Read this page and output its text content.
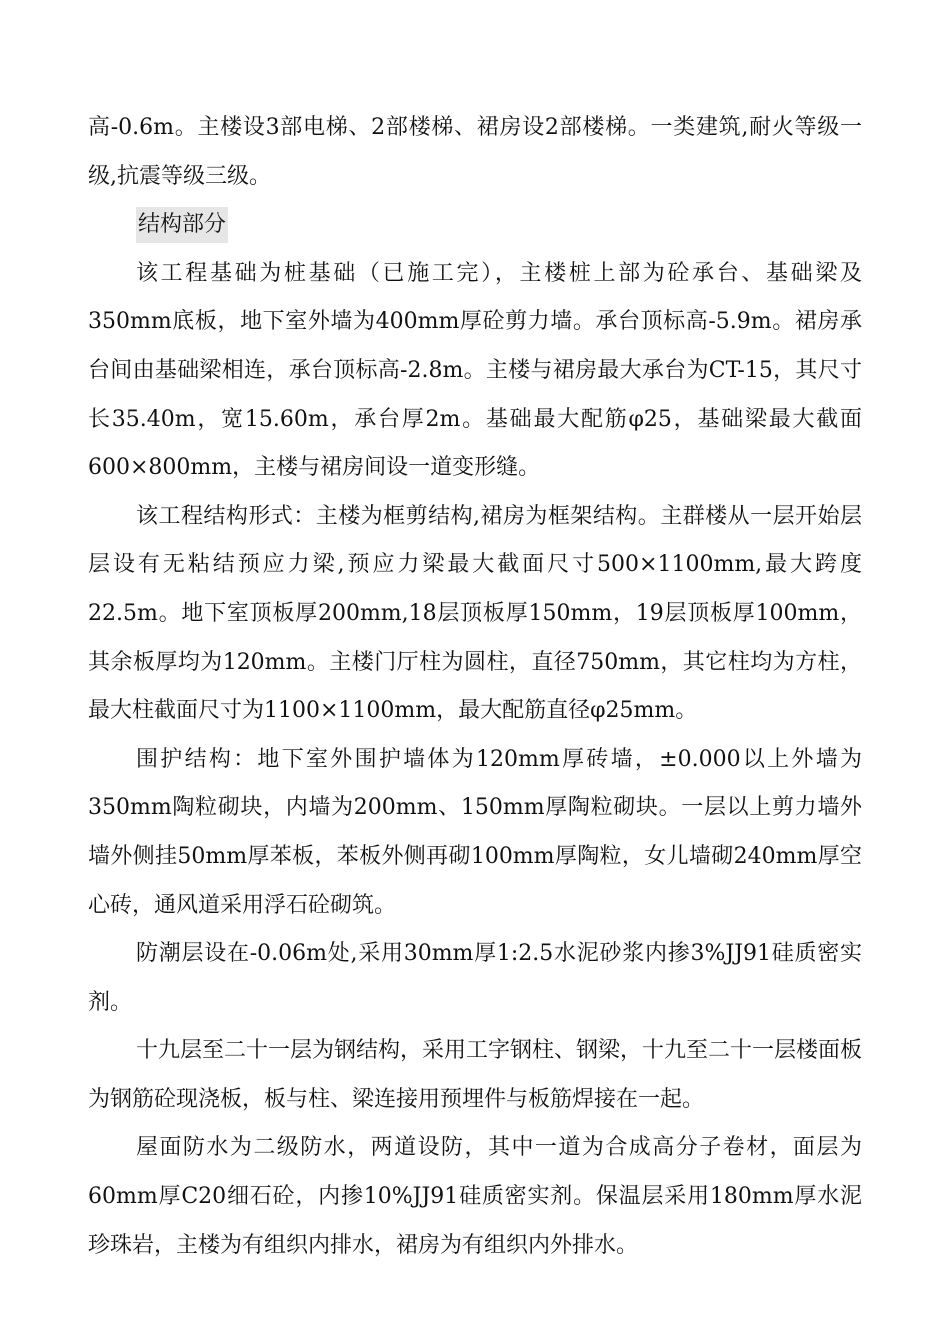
高-0.6m。主楼设3部电梯、2部楼梯、裙房设2部楼梯。一类建筑,耐火等级一级,抗震等级三级。

结构部分

该工程基础为桩基础（已施工完），主楼桩上部为砼承台、基础梁及350mm底板，地下室外墙为400mm厚砼剪力墙。承台顶标高-5.9m。裙房承台间由基础梁相连，承台顶标高-2.8m。主楼与裙房最大承台为CT-15，其尺寸长35.40m，宽15.60m，承台厚2m。基础最大配筋φ25，基础梁最大截面600×800mm，主楼与裙房间设一道变形缝。

该工程结构形式：主楼为框剪结构,裙房为框架结构。主群楼从一层开始层层设有无粘结预应力梁,预应力梁最大截面尺寸500×1100mm,最大跨度22.5m。地下室顶板厚200mm,18层顶板厚150mm，19层顶板厚100mm，其余板厚均为120mm。主楼门厅柱为圆柱，直径750mm，其它柱均为方柱，最大柱截面尺寸为1100×1100mm，最大配筋直径φ25mm。

围护结构：地下室外围护墙体为120mm厚砖墙，±0.000以上外墙为350mm陶粒砌块，内墙为200mm、150mm厚陶粒砌块。一层以上剪力墙外墙外侧挂50mm厚苯板，苯板外侧再砌100mm厚陶粒，女儿墙砌240mm厚空心砖，通风道采用浮石砼砌筑。

防潮层设在-0.06m处,采用30mm厚1:2.5水泥砂浆内掺3%JJ91硅质密实剂。

十九层至二十一层为钢结构，采用工字钢柱、钢梁，十九至二十一层楼面板为钢筋砼现浇板，板与柱、梁连接用预埋件与板筋焊接在一起。

屋面防水为二级防水，两道设防，其中一道为合成高分子卷材，面层为60mm厚C20细石砼，内掺10%JJ91硅质密实剂。保温层采用180mm厚水泥珍珠岩，主楼为有组织内排水，裙房为有组织内外排水。
